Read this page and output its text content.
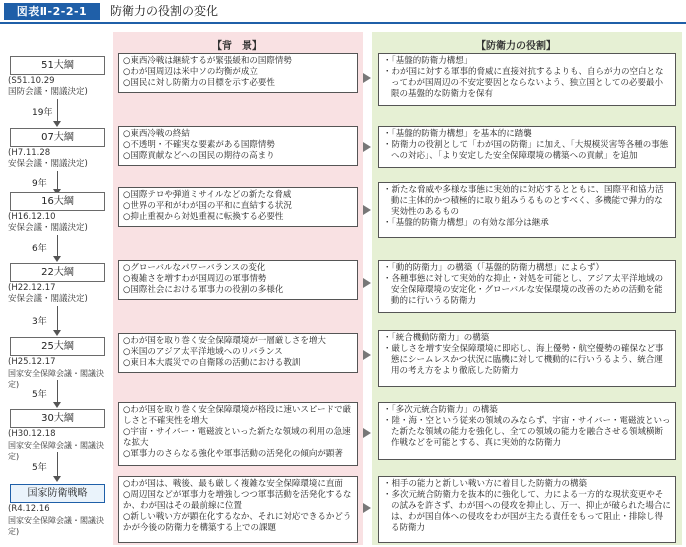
図表Ⅱ-2-2-1	防衛力の役割の変化
【背　景】	【防衛力の役割】
51大綱
(S51.10.29
国防会議・閣議決定)
19年
○東西冷戦は継続するが緊張緩和の国際情勢
○わが国周辺は米中ソの均衡が成立
○国民に対し防衛力の目標を示す必要性
・「基盤的防衛力構想」
・わが国に対する軍事的脅威に直接対抗するよりも、自らが力の空白となってわが国周辺の不安定要因とならないよう、独立国としての必要最小限の基盤的な防衛力を保有
07大綱
(H7.11.28
安保会議・閣議決定)
9年
○東西冷戦の終結
○不透明・不確実な要素がある国際情勢
○国際貢献などへの国民の期待の高まり
・「基盤的防衛力構想」を基本的に踏襲
・防衛力の役割として「わが国の防衛」に加え、「大規模災害等各種の事態への対応」、「より安定した安全保障環境の構築への貢献」を追加
16大綱
(H16.12.10
安保会議・閣議決定)
6年
○国際テロや弾道ミサイルなどの新たな脅威
○世界の平和がわが国の平和に直結する状況
○抑止重視から対処重視に転換する必要性
・新たな脅威や多様な事態に実効的に対応するとともに、国際平和協力活動に主体的かつ積極的に取り組みうるものとすべく、多機能で弾力的な実効性のあるもの
・「基盤的防衛力構想」の有効な部分は継承
22大綱
(H22.12.17
安保会議・閣議決定)
3年
○グローバルなパワーバランスの変化
○複雑さを増すわが国周辺の軍事情勢
○国際社会における軍事力の役割の多様化
・「動的防衛力」の構築（「基盤的防衛力構想」によらず）
・各種事態に対して実効的な抑止・対処を可能とし、アジア太平洋地域の安全保障環境の安定化・グローバルな安保環境の改善のための活動を能動的に行いうる防衛力
25大綱
(H25.12.17
国家安全保障会議・閣議決定)
5年
○わが国を取り巻く安全保障環境が一層厳しさを増大
○米国のアジア太平洋地域へのリバランス
○東日本大震災での自衛隊の活動における教訓
・「統合機動防衛力」の構築
・厳しさを増す安全保障環境に即応し、海上優勢・航空優勢の確保など事態にシームレスかつ状況に臨機に対して機動的に行いうるよう、統合運用の考え方をより徹底した防衛力
30大綱
(H30.12.18
国家安全保障会議・閣議決定)
5年
○わが国を取り巻く安全保障環境が格段に速いスピードで厳しさと不確実性を増大
○宇宙・サイバー・電磁波といった新たな領域の利用の急速な拡大
○軍事力のさらなる強化や軍事活動の活発化の傾向が顕著
・「多次元統合防衛力」の構築
・陸・海・空という従来の領域のみならず、宇宙・サイバー・電磁波といった新たな領域の能力を強化し、全ての領域の能力を融合させる領域横断作戦などを可能とする、真に実効的な防衛力
国家防衛戦略
(R4.12.16
国家安全保障会議・閣議決定)
○わが国は、戦後、最も厳しく複雑な安全保障環境に直面
○周辺国などが軍事力を増強しつつ軍事活動を活発化するなか、わが国はその最前線に位置
○新しい戦い方が顕在化するなか、それに対応できるかどうかが今後の防衛力を構築する上での課題
・相手の能力と新しい戦い方に着目した防衛力の構築
・多次元統合防衛力を抜本的に強化して、力による一方的な現状変更やその試みを許さず、わが国への侵攻を抑止し、万一、抑止が破られた場合には、わが国自体への侵攻をわが国が主たる責任をもって阻止・排除し得る防衛力
